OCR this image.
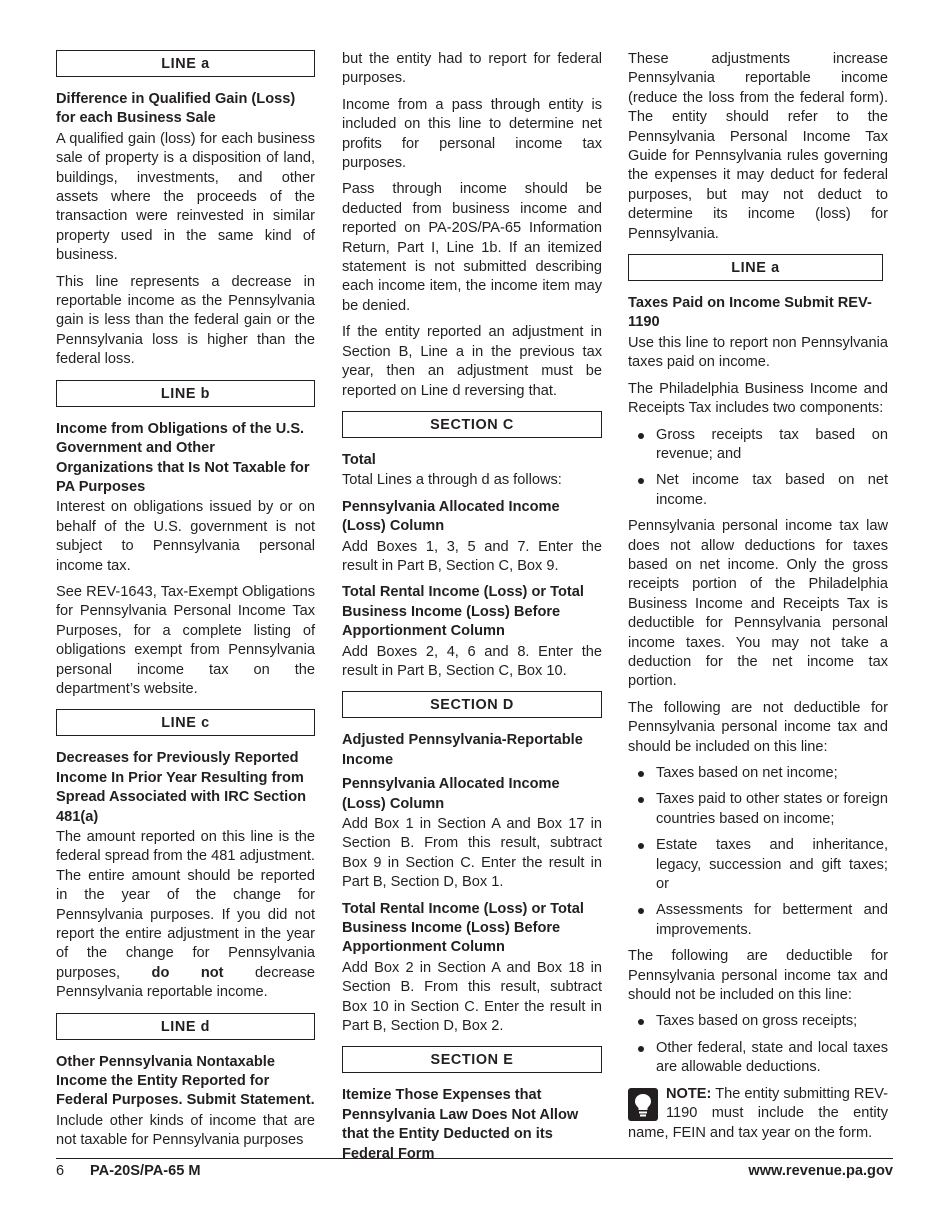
LINE a
Difference in Qualified Gain (Loss) for each Business Sale

A qualified gain (loss) for each business sale of property is a disposition of land, buildings, investments, and other assets where the proceeds of the transaction were reinvested in similar property used in the same kind of business.

This line represents a decrease in reportable income as the Pennsylvania gain is less than the federal gain or the Pennsylvania loss is higher than the federal loss.

LINE b
Income from Obligations of the U.S. Government and Other Organizations that Is Not Taxable for PA Purposes

Interest on obligations issued by or on behalf of the U.S. government is not subject to Pennsylvania personal income tax.

See REV-1643, Tax-Exempt Obligations for Pennsylvania Personal Income Tax Purposes, for a complete listing of obligations exempt from Pennsylvania personal income tax on the department’s website.

LINE c
Decreases for Previously Reported Income In Prior Year Resulting from Spread Associated with IRC Section 481(a)

The amount reported on this line is the federal spread from the 481 adjustment. The entire amount should be reported in the year of the change for Pennsylvania purposes. If you did not report the entire adjustment in the year of the change for Pennsylvania purposes, do not decrease Pennsylvania reportable income.

LINE d
Other Pennsylvania Nontaxable Income the Entity Reported for Federal Purposes. Submit Statement.

Include other kinds of income that are not taxable for Pennsylvania purposes

but the entity had to report for federal purposes.

Income from a pass through entity is included on this line to determine net profits for personal income tax purposes.

Pass through income should be deducted from business income and reported on PA-20S/PA-65 Information Return, Part I, Line 1b. If an itemized statement is not submitted describing each income item, the income item may be denied.

If the entity reported an adjustment in Section B, Line a in the previous tax year, then an adjustment must be reported on Line d reversing that.

SECTION C
Total

Total Lines a through d as follows:

Pennsylvania Allocated Income (Loss) Column

Add Boxes 1, 3, 5 and 7. Enter the result in Part B, Section C, Box 9.

Total Rental Income (Loss) or Total Business Income (Loss) Before Apportionment Column

Add Boxes 2, 4, 6 and 8. Enter the result in Part B, Section C, Box 10.

SECTION D
Adjusted Pennsylvania-Reportable Income
Pennsylvania Allocated Income (Loss) Column

Add Box 1 in Section A and Box 17 in Section B. From this result, subtract Box 9 in Section C. Enter the result in Part B, Section D, Box 1.

Total Rental Income (Loss) or Total Business Income (Loss) Before Apportionment Column

Add Box 2 in Section A and Box 18 in Section B. From this result, subtract Box 10 in Section C. Enter the result in Part B, Section D, Box 2.

SECTION E
Itemize Those Expenses that Pennsylvania Law Does Not Allow that the Entity Deducted on its Federal Form

These adjustments increase Pennsylvania reportable income (reduce the loss from the federal form). The entity should refer to the Pennsylvania Personal Income Tax Guide for Pennsylvania rules governing the expenses it may deduct for federal purposes, but may not deduct to determine its income (loss) for Pennsylvania.

LINE a
Taxes Paid on Income Submit REV-1190

Use this line to report non Pennsylvania taxes paid on income.

The Philadelphia Business Income and Receipts Tax includes two components:

Gross receipts tax based on revenue; and
Net income tax based on net income.

Pennsylvania personal income tax law does not allow deductions for taxes based on net income. Only the gross receipts portion of the Philadelphia Business Income and Receipts Tax is deductible for Pennsylvania personal income taxes. You may not take a deduction for the net income tax portion.

The following are not deductible for Pennsylvania personal income tax and should be included on this line:

Taxes based on net income;
Taxes paid to other states or foreign countries based on income;
Estate taxes and inheritance, legacy, succession and gift taxes; or
Assessments for betterment and improvements.

The following are deductible for Pennsylvania personal income tax and should not be included on this line:

Taxes based on gross receipts;
Other federal, state and local taxes are allowable deductions.
NOTE: The entity submitting REV-1190 must include the entity name, FEIN and tax year on the form.
6 PA-20S/PA-65 M	www.revenue.pa.gov
